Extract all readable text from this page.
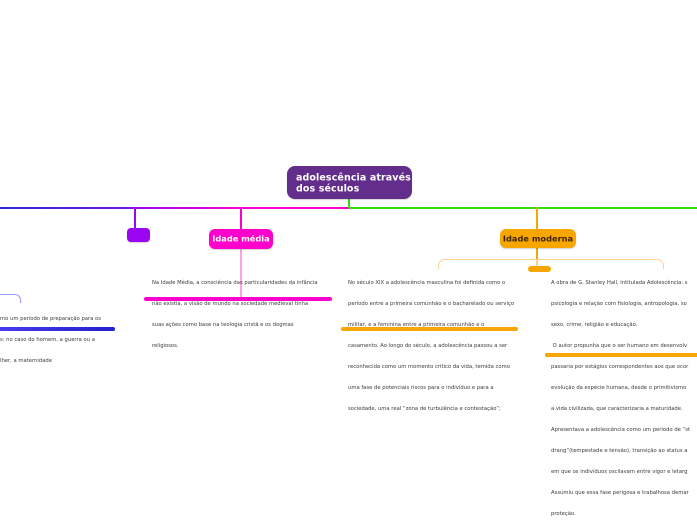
adolescência através
dos séculos
Idade média

Na Idade Média, a consciência das particularidades da infância

não existia, a visão de mundo na sociedade medieval tinha

suas ações como base na teologia cristã e os dogmas

religiosos.

mo um período de preparação para os

s: no caso do homem, a guerra ou a

lher, a maternidade

Idade moderna

No século XIX a adolescência masculina foi definida como o

período entre a primeira comunhão e o bacharelado ou serviço

militar, e a feminina entre a primeira comunhão e o

casamento. Ao longo do século, a adolescência passou a ser

reconhecida como um momento crítico da vida, temida como

uma fase de potenciais riscos para o indivíduo e para a

sociedade, uma real “zona de turbulência e contestação”;

A obra de G. Stanley Hall, intitulada Adolescência: s

psicologia e relação com fisiologia, antropologia, so

sexo, crime, religião e educação.

O autor propunha que o ser humano em desenvolv

passaria por estágios correspondentes aos que ocor

evolução da espécie humana, desde o primitivismo

a vida civilizada, que caracterizaria a maturidade.

Apresentava a adolescência como um período de “st

drang”(tempestade e tensão), transição ao status a

em que os indivíduos oscilavam entre vigor e letarg

Assumiu que essa fase perigosa e trabalhosa demar

proteção.
